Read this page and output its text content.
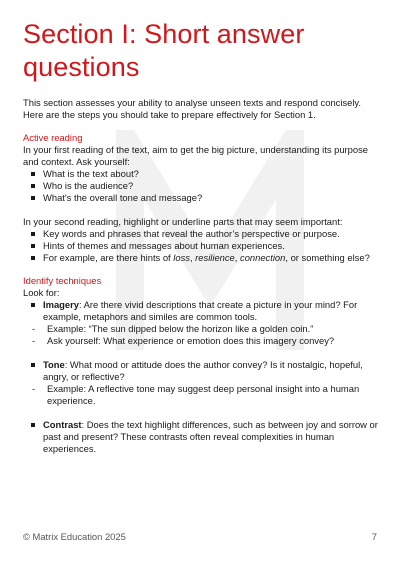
Section I: Short answer questions
This section assesses your ability to analyse unseen texts and respond concisely. Here are the steps you should take to prepare effectively for Section 1.
Active reading
In your first reading of the text, aim to get the big picture, understanding its purpose and context. Ask yourself:
What is the text about?
Who is the audience?
What's the overall tone and message?
In your second reading, highlight or underline parts that may seem important:
Key words and phrases that reveal the author’s perspective or purpose.
Hints of themes and messages about human experiences.
For example, are there hints of loss, resilience, connection, or something else?
Identify techniques
Look for:
Imagery: Are there vivid descriptions that create a picture in your mind? For example, metaphors and similes are common tools.
- Example: “The sun dipped below the horizon like a golden coin.”
- Ask yourself: What experience or emotion does this imagery convey?
Tone: What mood or attitude does the author convey? Is it nostalgic, hopeful, angry, or reflective?
- Example: A reflective tone may suggest deep personal insight into a human experience.
Contrast: Does the text highlight differences, such as between joy and sorrow or past and present? These contrasts often reveal complexities in human experiences.
© Matrix Education 2025	7
